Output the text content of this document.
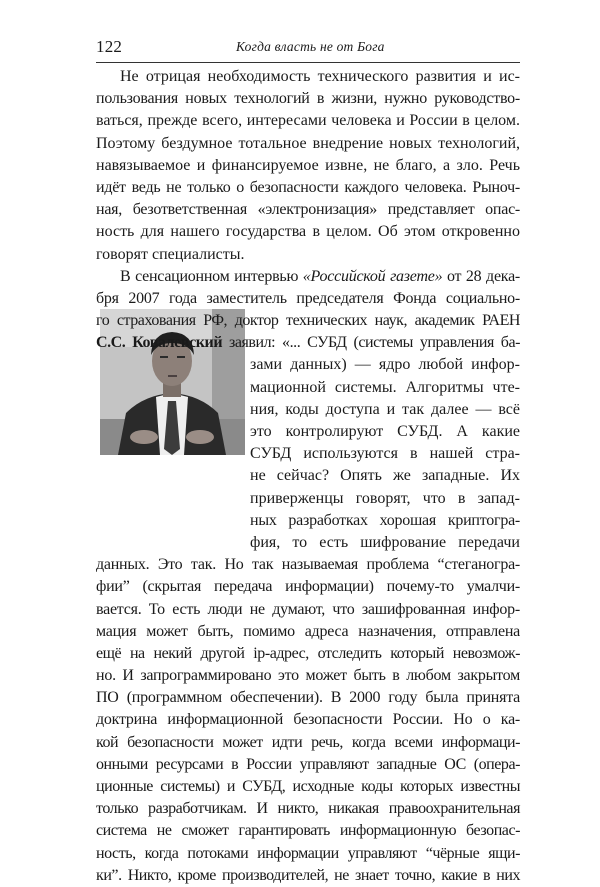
122	Когда власть не от Бога
Не отрицая необходимость технического развития и ис-
пользования новых технологий в жизни, нужно руководство-
ваться, прежде всего, интересами человека и России в целом.
Поэтому бездумное тотальное внедрение новых технологий,
навязываемое и финансируемое извне, не благо, а зло. Речь
идёт ведь не только о безопасности каждого человека. Рыноч-
ная, безответственная «электронизация» представляет опас-
ность для нашего государства в целом. Об этом откровенно
говорят специалисты.
В сенсационном интервью «Российской газете» от 28 дека-
бря 2007 года заместитель председателя Фонда социально-
го страхования РФ, доктор технических наук, академик РАЕН
С.С. Ковалевский заявил: «... СУБД (системы управления ба-
зами данных) — ядро любой инфор-
мационной системы. Алгоритмы чте-
ния, коды доступа и так далее — всё
это контролируют СУБД. А какие
СУБД используются в нашей стра-
не сейчас? Опять же западные. Их
приверженцы говорят, что в запад-
ных разработках хорошая криптогра-
фия, то есть шифрование передачи
данных. Это так. Но так называемая проблема “стеганогра-
фии” (скрытая передача информации) почему-то умалчи-
вается. То есть люди не думают, что зашифрованная инфор-
мация может быть, помимо адреса назначения, отправлена
ещё на некий другой ip-адрес, отследить который невозмож-
но. И запрограммировано это может быть в любом закрытом
ПО (программном обеспечении). В 2000 году была принята
доктрина информационной безопасности России. Но о ка-
кой безопасности может идти речь, когда всеми информаци-
онными ресурсами в России управляют западные ОС (опера-
ционные системы) и СУБД, исходные коды которых известны
только разработчикам. И никто, никакая правоохранительная
система не сможет гарантировать информационную безопас-
ность, когда потоками информации управляют “чёрные ящи-
ки”. Никто, кроме производителей, не знает точно, какие в них
